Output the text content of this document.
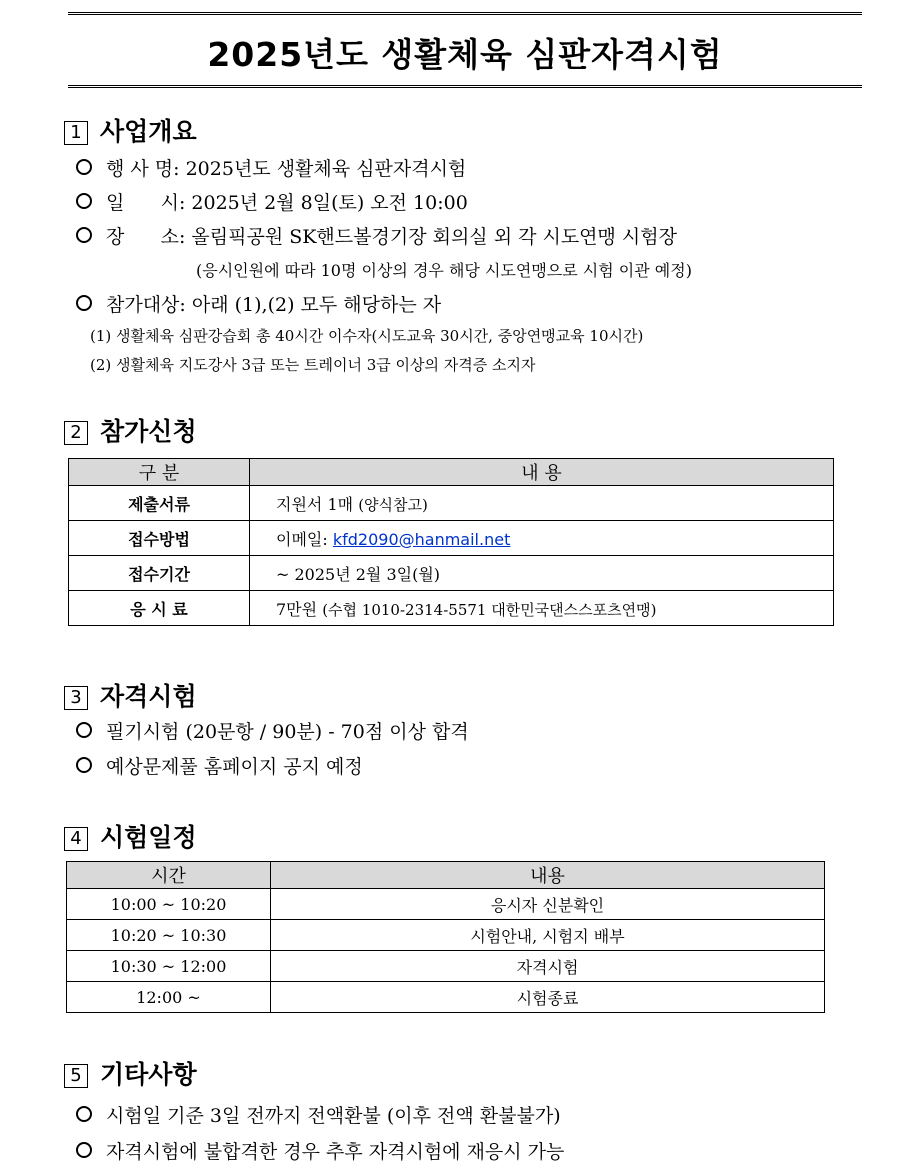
2025년도 생활체육 심판자격시험
1 사업개요
행 사 명: 2025년도 생활체육 심판자격시험
일      시: 2025년 2월 8일(토) 오전 10:00
장      소: 올림픽공원 SK핸드볼경기장 회의실 외 각 시도연맹 시험장
(응시인원에 따라 10명 이상의 경우 해당 시도연맹으로 시험 이관 예정)
참가대상: 아래 (1),(2) 모두 해당하는 자
(1) 생활체육 심판강습회 총 40시간 이수자(시도교육 30시간, 중앙연맹교육 10시간)
(2) 생활체육 지도강사 3급 또는 트레이너 3급 이상의 자격증 소지자
2 참가신청
구 분	내 용
제출서류	지원서 1매 (양식참고)
접수방법	이메일: kfd2090@hanmail.net
접수기간	~ 2025년 2월 3일(월)
응 시 료	7만원 (수협 1010-2314-5571 대한민국댄스스포츠연맹)
3 자격시험
필기시험 (20문항 / 90분) - 70점 이상 합격
예상문제풀 홈페이지 공지 예정
4 시험일정
시간	내용
10:00 ~ 10:20	응시자 신분확인
10:20 ~ 10:30	시험안내, 시험지 배부
10:30 ~ 12:00	자격시험
12:00 ~	시험종료
5 기타사항
시험일 기준 3일 전까지 전액환불 (이후 전액 환불불가)
자격시험에 불합격한 경우 추후 자격시험에 재응시 가능
